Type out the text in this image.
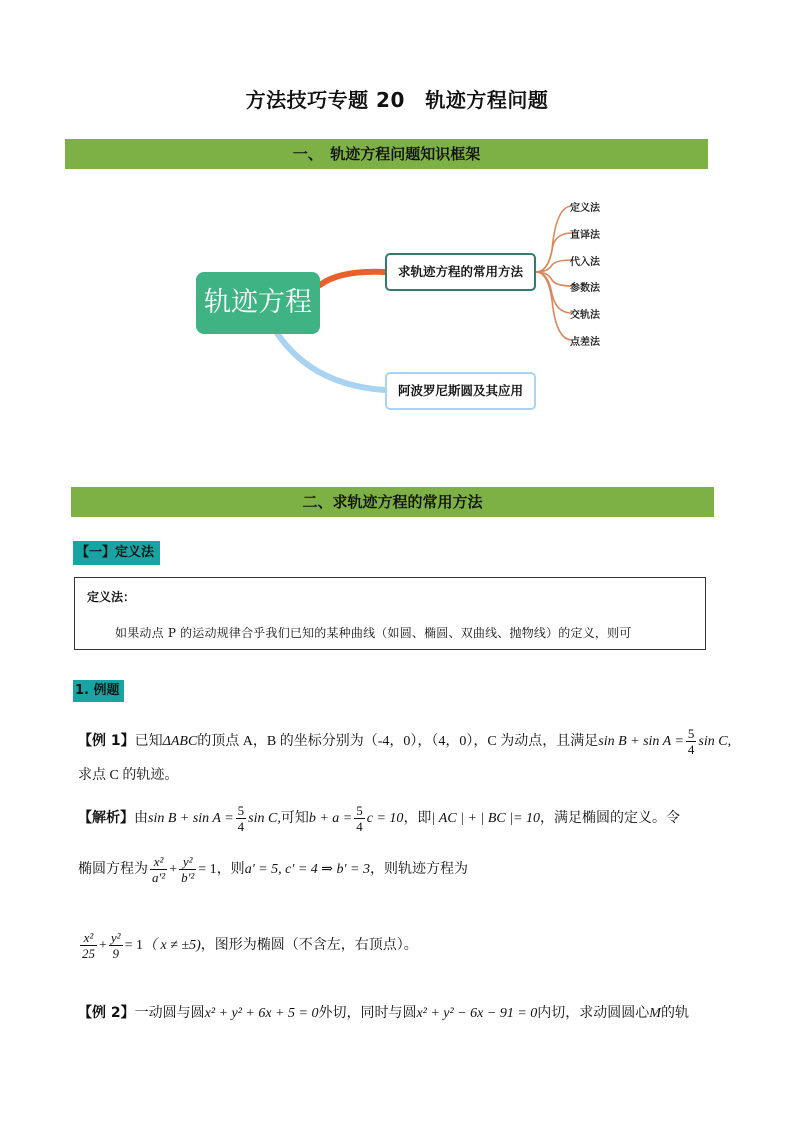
方法技巧专题 20　轨迹方程问题
一、　轨迹方程问题知识框架
轨迹方程
求轨迹方程的常用方法
阿波罗尼斯圆及其应用
定义法
直译法
代入法
参数法
交轨法
点差法
二、求轨迹方程的常用方法
【一】定义法
定义法：
如果动点 P 的运动规律合乎我们已知的某种曲线（如圆、椭圆、双曲线、抛物线）的定义，则可
1. 例题
【例 1】已知ΔABC的顶点 A，B 的坐标分别为（-4，0），（4，0），C 为动点，且满足$\sin B + \sin A = \frac{5}{4}$ sin C,
求点 C 的轨迹。
【解析】由$\sin B + \sin A = \frac{5}{4}$ sin C,可知$b + a = \frac{5}{4}$ c = 10，即| AC | + | BC |= 10，满足椭圆的定义。令
椭圆方程为 $\frac{\text{x²}}{\text{a'²}} + \frac{\text{y²}}{\text{b'²}} = 1$，则a' = 5, c' = 4 ⇒ b' = 3，则轨迹方程为
$\frac{\text{x²}}{25} + \frac{\text{y²}}{9} = 1$（ x ≠ ±5)，图形为椭圆（不含左，右顶点）。
【例 2】一动圆与圆x² + y² + 6x + 5 = 0外切，同时与圆x² + y² − 6x − 91 = 0内切，求动圆圆心M的轨
